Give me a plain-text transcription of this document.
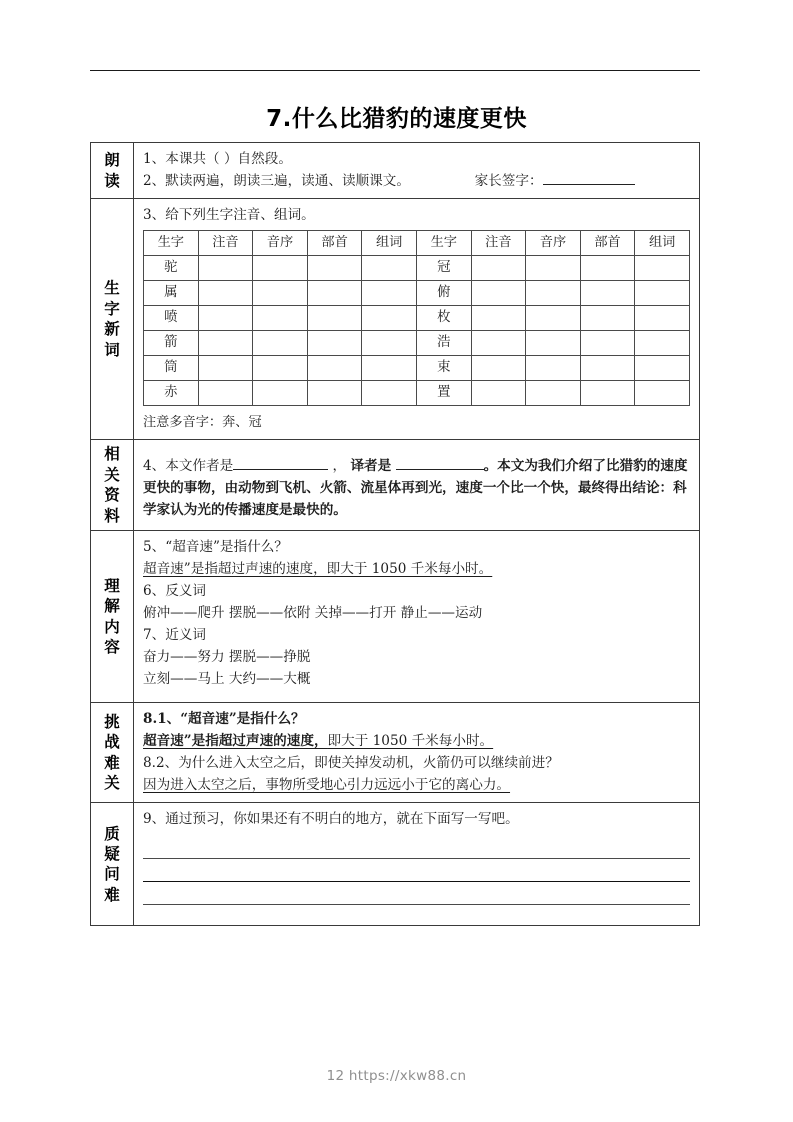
7.什么比猎豹的速度更快
朗
读

1、本课共（ ）自然段。
2、默读两遍，朗读三遍，读通、读顺课文。	家长签字：

生
字
新
词

3、给下列生字注音、组词。
生字	注音	音序	部首	组词	生字	注音	音序	部首	组词
驼					冠				
属					俯				
喷					枚				
箭					浩				
筒					束				
赤					置				
注意多音字：奔、冠

相
关
资
料

4、本文作者是	， 译者是	。本文为我们介绍了比猎豹的速度更快的事物，由动物到飞机、火箭、流星体再到光，速度一个比一个快，最终得出结论：科学家认为光的传播速度是最快的。

理
解
内
容

5、“超音速”是指什么？
超音速”是指超过声速的速度，即大于 1050 千米每小时。
6、反义词
俯冲——爬升 摆脱——依附 关掉——打开 静止——运动
7、近义词
奋力——努力 摆脱——挣脱
立刻——马上 大约——大概

挑
战
难
关

8.1、“超音速”是指什么？
超音速”是指超过声速的速度，即大于 1050 千米每小时。
8.2、为什么进入太空之后，即使关掉发动机，火箭仍可以继续前进？
因为进入太空之后，事物所受地心引力远远小于它的离心力。

质
疑
问
难

9、通过预习，你如果还有不明白的地方，就在下面写一写吧。
12 https://xkw88.cn
